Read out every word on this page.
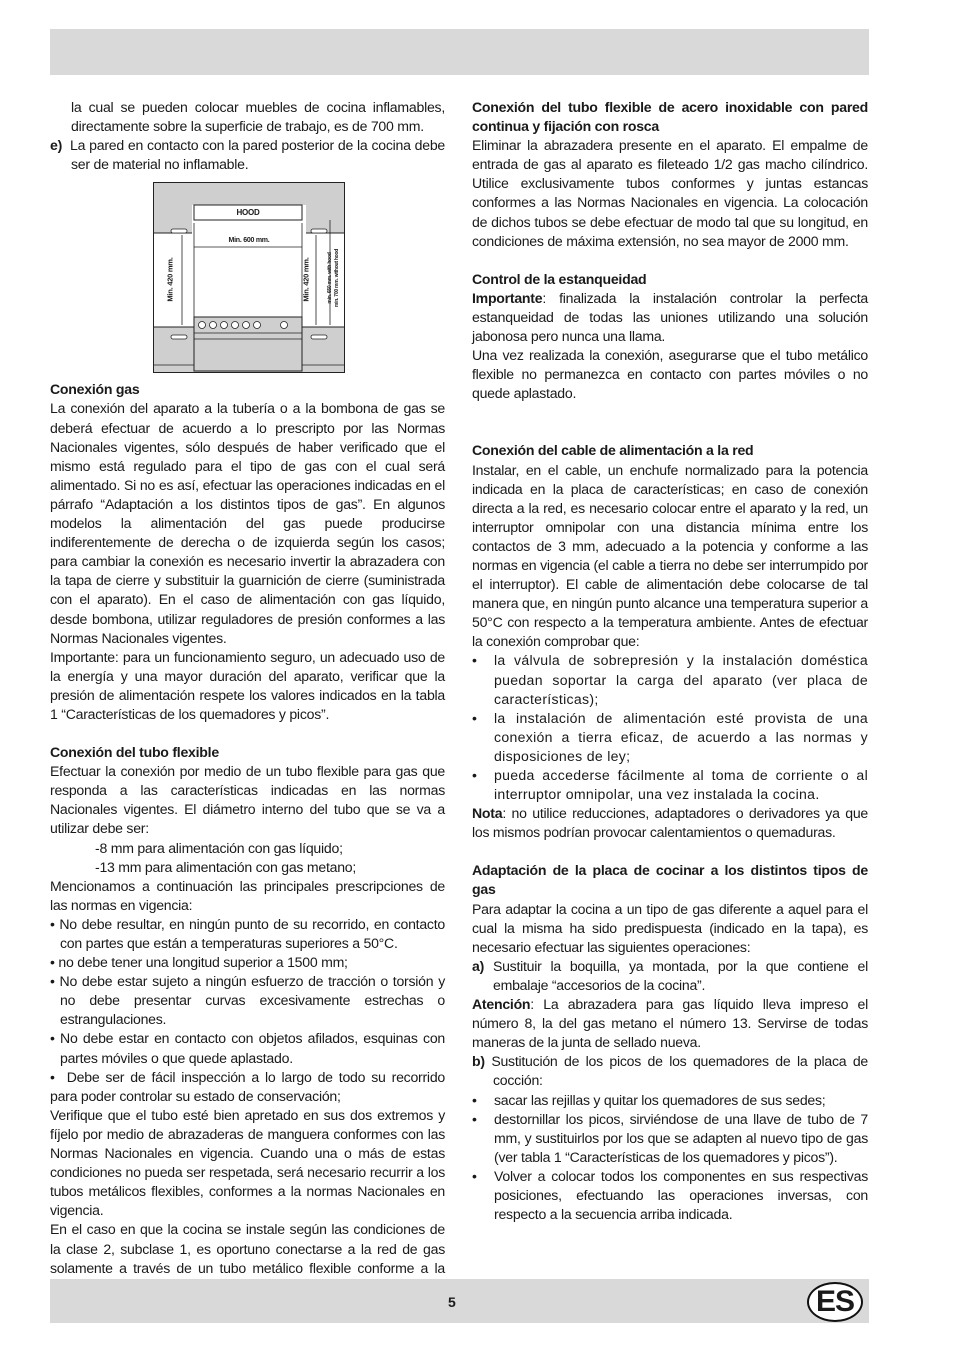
la cual se pueden colocar muebles de cocina inflamables, directamente sobre la superficie de trabajo, es de 700 mm.

e) La pared en contacto con la pared posterior de la cocina debe ser de material no inflamable.

HOOD
Min. 600 mm.
Min. 420 mm.	Min. 420 mm.	min. 650 mm. with hood min. 700 mm. without hood

Conexión gas

La conexión del aparato a la tubería o a la bombona de gas se deberá efectuar de acuerdo a lo prescripto por las Normas Nacionales vigentes, sólo después de haber verificado que el mismo está regulado para el tipo de gas con el cual será alimentado. Si no es así, efectuar las operaciones indicadas en el párrafo “Adaptación a los distintos tipos de gas”. En algunos modelos la alimentación del gas puede producirse indiferentemente de derecha o de izquierda según los casos; para cambiar la conexión es necesario invertir la abrazadera con la tapa de cierre y substituir la guarnición de cierre (suministrada con el aparato). En el caso de alimentación con gas líquido, desde bombona, utilizar reguladores de presión conformes a las Normas Nacionales vigentes.

Importante: para un funcionamiento seguro, un adecuado uso de la energía y una mayor duración del aparato, verificar que la presión de alimentación respete los valores indicados en la tabla 1 “Características de los quemadores y picos”.

Conexión del tubo flexible

Efectuar la conexión por medio de un tubo flexible para gas que responda a las características indicadas en las normas Nacionales vigentes. El diámetro interno del tubo que se va a utilizar debe ser:

-8 mm para alimentación con gas líquido;

-13 mm para alimentación con gas metano;

Mencionamos a continuación las principales prescripciones de las normas en vigencia:

• No debe resultar, en ningún punto de su recorrido, en contacto con partes que están a temperaturas superiores a 50°C.

• no debe tener una longitud superior a 1500 mm;

• No debe estar sujeto a ningún esfuerzo de tracción o torsión y no debe presentar curvas excesivamente estrechas o estrangulaciones.

• No debe estar en contacto con objetos afilados, esquinas con partes móviles o que quede aplastado.

•  Debe ser de fácil inspección a lo largo de todo su recorrido para poder controlar su estado de conservación;

Verifique que el tubo esté bien apretado en sus dos extremos y fíjelo por medio de abrazaderas de manguera conformes con las Normas Nacionales en vigencia. Cuando una o más de estas condiciones no pueda ser respetada, será necesario recurrir a los tubos metálicos flexibles, conformes a la normas Nacionales en vigencia.

En el caso en que la cocina se instale según las condiciones de la clase 2, subclase 1, es oportuno conectarse a la red de gas solamente a través de un tubo metálico flexible conforme a la

Conexión del tubo flexible de acero inoxidable con pared continua y fijación con rosca

Eliminar la abrazadera presente en el aparato. El empalme de entrada de gas al aparato es fileteado 1/2 gas macho cilíndrico. Utilice exclusivamente tubos conformes y juntas estancas conformes a las Normas Nacionales en vigencia. La colocación de dichos tubos se debe efectuar de modo tal que su longitud, en condiciones de máxima extensión, no sea mayor de 2000 mm.

Control de la estanqueidad

Importante: finalizada la instalación controlar la perfecta estanqueidad de todas las uniones utilizando una solución jabonosa pero nunca una llama.

Una vez realizada la conexión, asegurarse que el tubo metálico flexible no permanezca en contacto con partes móviles o no quede aplastado.

Conexión del cable de alimentación a la red

Instalar, en el cable, un enchufe normalizado para la potencia indicada en la placa de características; en caso de conexión directa a la red, es necesario colocar entre el aparato y la red, un interruptor omnipolar con una distancia mínima entre los contactos de 3 mm, adecuado a la potencia y conforme a las normas en vigencia (el cable a tierra no debe ser interrumpido por el interruptor). El cable de alimentación debe colocarse de tal manera que, en ningún punto alcance una temperatura superior a 50°C con respecto a la temperatura ambiente. Antes de efectuar la conexión comprobar que:

• la válvula de sobrepresión y la instalación doméstica puedan soportar la carga del aparato (ver placa de características);

• la instalación de alimentación esté provista de una conexión a tierra eficaz, de acuerdo a las normas y disposiciones de ley;

• pueda accederse fácilmente al toma de corriente o al interruptor omnipolar, una vez instalada la cocina.

Nota: no utilice reducciones, adaptadores o derivadores ya que los mismos podrían provocar calentamientos o quemaduras.

Adaptación de la placa de cocinar a los distintos tipos de gas

Para adaptar la cocina a un tipo de gas diferente a aquel para el cual la misma ha sido predispuesta (indicado en la tapa), es necesario efectuar las siguientes operaciones:

a) Sustituir la boquilla, ya montada, por la que contiene el embalaje “accesorios de la cocina”.

Atención: La abrazadera para gas líquido lleva impreso el número 8, la del gas metano el número 13. Servirse de todas maneras de la junta de sellado nueva.

b) Sustitución de los picos de los quemadores de la placa de cocción:

• sacar las rejillas y quitar los quemadores de sus sedes;

• destornillar los picos, sirviéndose de una llave de tubo de 7 mm, y sustituirlos por los que se adapten al nuevo tipo de gas (ver tabla 1 “Características de los quemadores y picos”).

• Volver a colocar todos los componentes en sus respectivas posiciones, efectuando las operaciones inversas, con respecto a la secuencia arriba indicada.

5	ES
